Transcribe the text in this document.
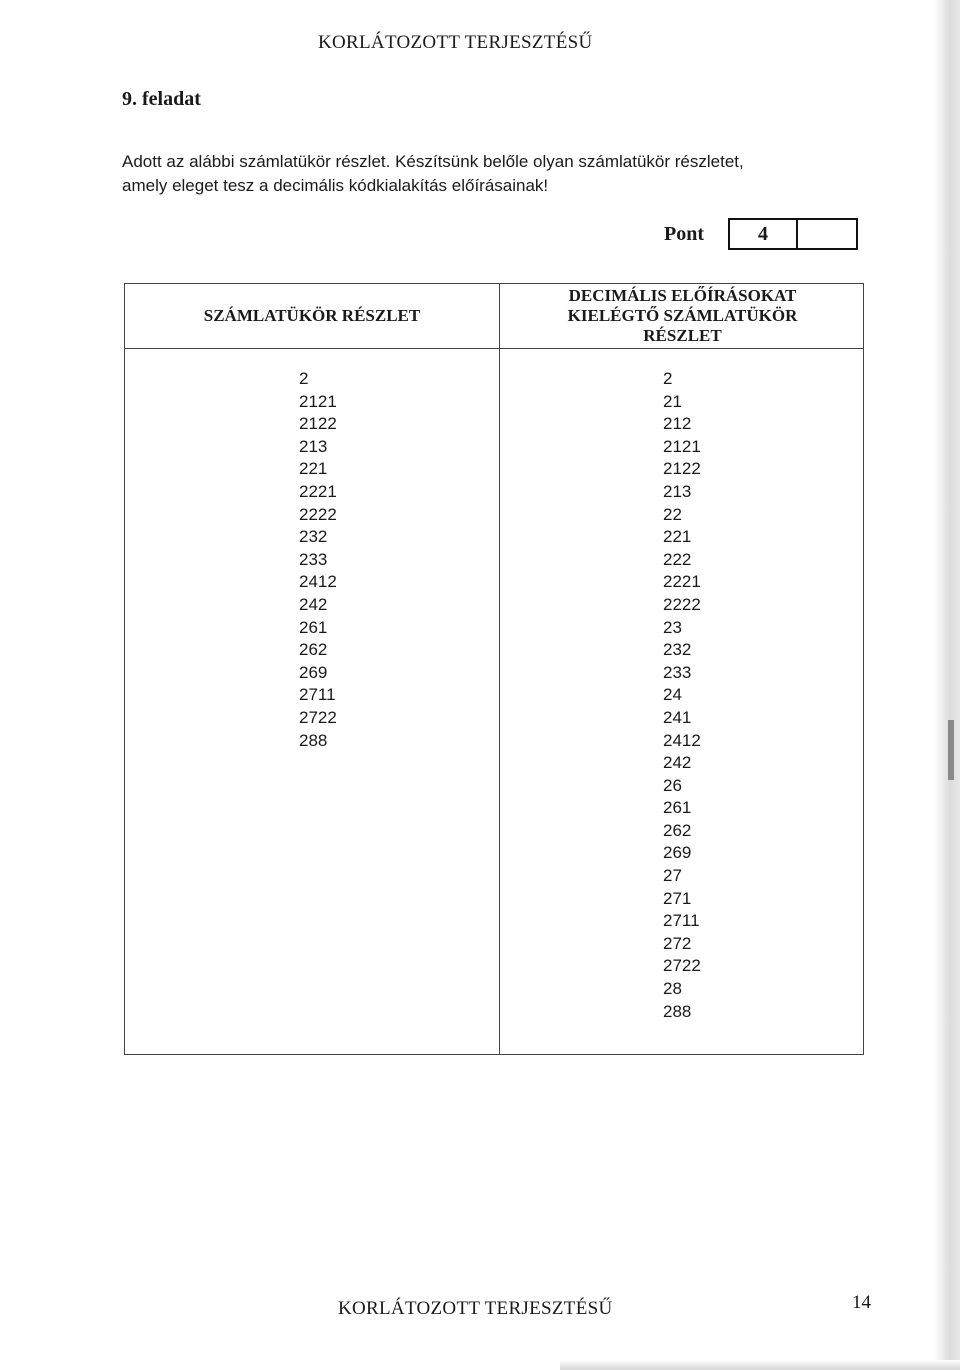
KORLÁTOZOTT TERJESZTÉSŰ
9. feladat

Adott az alábbi számlatükör részlet. Készítsünk belőle olyan számlatükör részletet,

amely eleget tesz a decimális kódkialakítás előírásainak!

Pont	4
SZÁMLATÜKÖR RÉSZLET
DECIMÁLIS ELŐÍRÁSOKAT
KIELÉGTŐ SZÁMLATÜKÖR
RÉSZLET
2
2121
2122
213
221
2221
2222
232
233
2412
242
261
262
269
2711
2722
288
2
21
212
2121
2122
213
22
221
222
2221
2222
23
232
233
24
241
2412
242
26
261
262
269
27
271
2711
272
2722
28
288
KORLÁTOZOTT TERJESZTÉSŰ	14
